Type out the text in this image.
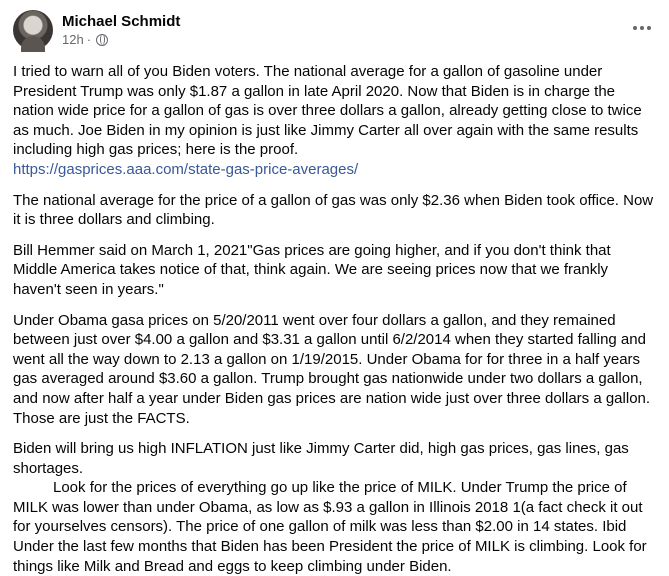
Michael Schmidt
12h ·

I tried to warn all of you Biden voters. The national average for a gallon of gasoline under President Trump was only $1.87 a gallon in late April 2020. Now that Biden is in charge the nation wide price for a gallon of gas is over three dollars a gallon, already getting close to twice as much. Joe Biden in my opinion is just like Jimmy Carter all over again with the same results including high gas prices; here is the proof.
https://gasprices.aaa.com/state-gas-price-averages/

The national average for the price of a gallon of gas was only $2.36 when Biden took office. Now it is three dollars and climbing.

Bill Hemmer said on March 1, 2021"Gas prices are going higher, and if you don't think that Middle America takes notice of that, think again. We are seeing prices now that we frankly haven't seen in years."

Under Obama gasa prices on 5/20/2011 went over four dollars a gallon, and they remained between just over $4.00 a gallon and $3.31 a gallon until 6/2/2014 when they started falling and went all the way down to 2.13 a gallon on 1/19/2015. Under Obama for for three in a half years gas averaged around $3.60 a gallon. Trump brought gas nationwide under two dollars a gallon, and now after half a year under Biden gas prices are nation wide just over three dollars a gallon. Those are just the FACTS.

Biden will bring us high INFLATION just like Jimmy Carter did, high gas prices, gas lines, gas shortages.

Look for the prices of everything go up like the price of MILK. Under Trump the price of MILK was lower than under Obama, as low as $.93 a gallon in Illinois 2018 1(a fact check it out for yourselves censors). The price of one gallon of milk was less than $2.00 in 14 states. Ibid Under the last few months that Biden has been President the price of MILK is climbing. Look for things like Milk and Bread and eggs to keep climbing under Biden.
